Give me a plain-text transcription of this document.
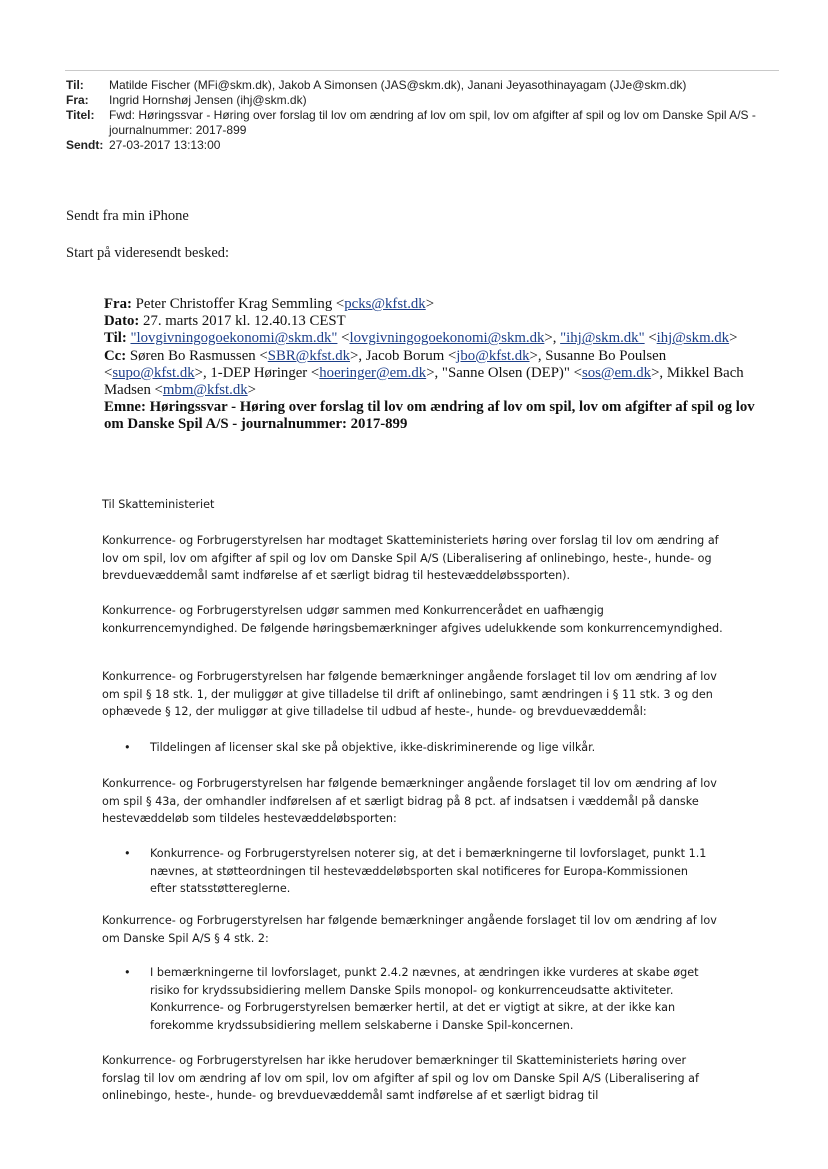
Til:	Matilde Fischer (MFi@skm.dk), Jakob A Simonsen (JAS@skm.dk), Janani Jeyasothinayagam (JJe@skm.dk)
Fra:	Ingrid Hornshøj Jensen (ihj@skm.dk)
Titel:	Fwd: Høringssvar - Høring over forslag til lov om ændring af lov om spil, lov om afgifter af spil og lov om Danske Spil A/S - journalnummer: 2017-899
Sendt: 27-03-2017 13:13:00
Sendt fra min iPhone
Start på videresendt besked:
Fra: Peter Christoffer Krag Semmling <pcks@kfst.dk>
Dato: 27. marts 2017 kl. 12.40.13 CEST
Til: "lovgivningogoekonomi@skm.dk" <lovgivningogoekonomi@skm.dk>, "ihj@skm.dk" <ihj@skm.dk>
Cc: Søren Bo Rasmussen <SBR@kfst.dk>, Jacob Borum <jbo@kfst.dk>, Susanne Bo Poulsen <supo@kfst.dk>, 1-DEP Høringer <hoeringer@em.dk>, "Sanne Olsen (DEP)" <sos@em.dk>, Mikkel Bach Madsen <mbm@kfst.dk>
Emne: Høringssvar - Høring over forslag til lov om ændring af lov om spil, lov om afgifter af spil og lov om Danske Spil A/S - journalnummer: 2017-899

Til Skatteministeriet

Konkurrence- og Forbrugerstyrelsen har modtaget Skatteministeriets høring over forslag til lov om ændring af lov om spil, lov om afgifter af spil og lov om Danske Spil A/S (Liberalisering af onlinebingo, heste-, hunde- og brevduevæddemål samt indførelse af et særligt bidrag til hestevæddeløbssporten).

Konkurrence- og Forbrugerstyrelsen udgør sammen med Konkurrencerådet en uafhængig konkurrencemyndighed. De følgende høringsbemærkninger afgives udelukkende som konkurrencemyndighed.

Konkurrence- og Forbrugerstyrelsen har følgende bemærkninger angående forslaget til lov om ændring af lov om spil § 18 stk. 1, der muliggør at give tilladelse til drift af onlinebingo, samt ændringen i § 11 stk. 3 og den ophævede § 12, der muliggør at give tilladelse til udbud af heste-, hunde- og brevduevæddemål:

• Tildelingen af licenser skal ske på objektive, ikke-diskriminerende og lige vilkår.

Konkurrence- og Forbrugerstyrelsen har følgende bemærkninger angående forslaget til lov om ændring af lov om spil § 43a, der omhandler indførelsen af et særligt bidrag på 8 pct. af indsatsen i væddemål på danske hestevæddeløb som tildeles hestevæddeløbsporten:

• Konkurrence- og Forbrugerstyrelsen noterer sig, at det i bemærkningerne til lovforslaget, punkt 1.1 nævnes, at støtteordningen til hestevæddeløbsporten skal notificeres for Europa-Kommissionen efter statsstøttereglerne.

Konkurrence- og Forbrugerstyrelsen har følgende bemærkninger angående forslaget til lov om ændring af lov om Danske Spil A/S § 4 stk. 2:

• I bemærkningerne til lovforslaget, punkt 2.4.2 nævnes, at ændringen ikke vurderes at skabe øget risiko for krydssubsidiering mellem Danske Spils monopol- og konkurrenceudsatte aktiviteter. Konkurrence- og Forbrugerstyrelsen bemærker hertil, at det er vigtigt at sikre, at der ikke kan forekomme krydssubsidiering mellem selskaberne i Danske Spil-koncernen.

Konkurrence- og Forbrugerstyrelsen har ikke herudover bemærkninger til Skatteministeriets høring over forslag til lov om ændring af lov om spil, lov om afgifter af spil og lov om Danske Spil A/S (Liberalisering af onlinebingo, heste-, hunde- og brevduevæddemål samt indførelse af et særligt bidrag til
